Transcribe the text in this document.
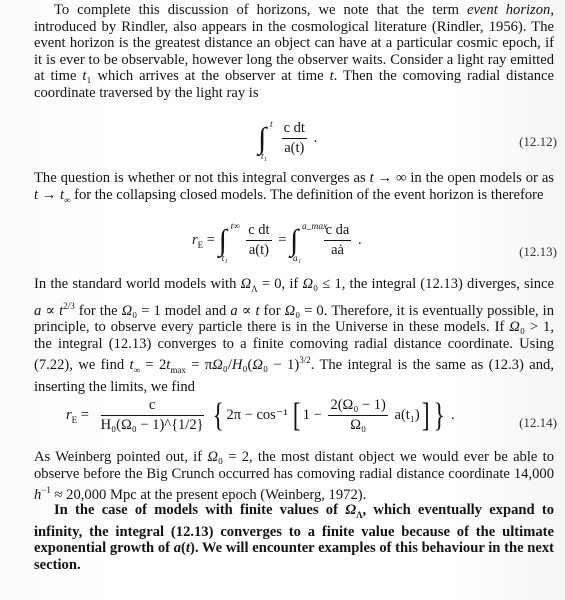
To complete this discussion of horizons, we note that the term event horizon, introduced by Rindler, also appears in the cosmological literature (Rindler, 1956). The event horizon is the greatest distance an object can have at a particular cosmic epoch, if it is ever to be observable, however long the observer waits. Consider a light ray emitted at time t₁ which arrives at the observer at time t. Then the comoving radial distance coordinate traversed by the light ray is

∫ t
t₁
$\frac{\text{c dt}}{a(t)}$ .	(12.12)

The question is whether or not this integral converges as t → ∞ in the open models or as $t \to t_\infty$ for the collapsing closed models. The definition of the event horizon is therefore

$r_E$ = ∫ t∞
t₁
$\frac{\text{c dt}}{a(t)}$ = ∫ a_max
a₁
$\frac{\text{c da}}{aȧ}$ .
(12.13)

In the standard world models with $\Omega_\Lambda = 0$, if Ω₀ ≤ 1, the integral (12.13) diverges, since $a \propto t^{2/3}$ for the Ω₀ = 1 model and a ∝ t for Ω₀ = 0. Therefore, it is eventually possible, in principle, to observe every particle there is in the Universe in these models. If Ω₀ > 1, the integral (12.13) converges to a finite comoving radial distance coordinate. Using (7.22), we find $t_\infty = 2t_{max} = \pi\Omega_0/H_0(\Omega_0 - 1)^{3/2}$. The integral is the same as (12.3) and, inserting the limits, we find

$r_E = \frac{c}{\text{H₀(Ω₀ − 1)\textasciicircum{}\{1/2\}}}$ { 2π − cos⁻¹ [ $1 - \frac{\text{2(Ω₀ − 1)}}{\text{Ω₀}} a(t_1)$] } .	(12.14)

As Weinberg pointed out, if Ω₀ = 2, the most distant object we would ever be able to observe before the Big Crunch occurred has comoving radial distance coordinate 14,000 $h^{-1} \approx 20,000$ Mpc at the present epoch (Weinberg, 1972).

In the case of models with finite values of $\Omega_\Lambda$, which eventually expand to infinity, the integral (12.13) converges to a finite value because of the ultimate exponential growth of a(t). We will encounter examples of this behaviour in the next section.
